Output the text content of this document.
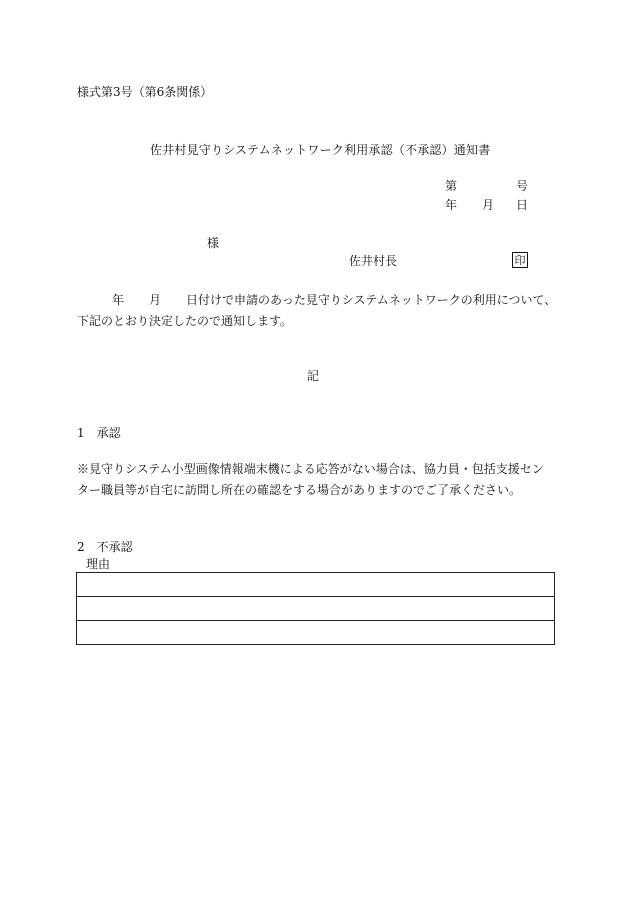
様式第3号（第6条関係）
佐井村見守りシステムネットワーク利用承認（不承認）通知書
第	号
年 月 日
様
佐井村長	印
年 月 日付けで申請のあった見守りシステムネットワークの利用について、
下記のとおり決定したので通知します。
記
1　承認
※見守りシステム小型画像情報端末機による応答がない場合は、協力員・包括支援セン
ター職員等が自宅に訪問し所在の確認をする場合がありますのでご了承ください。
2　不承認
理由
